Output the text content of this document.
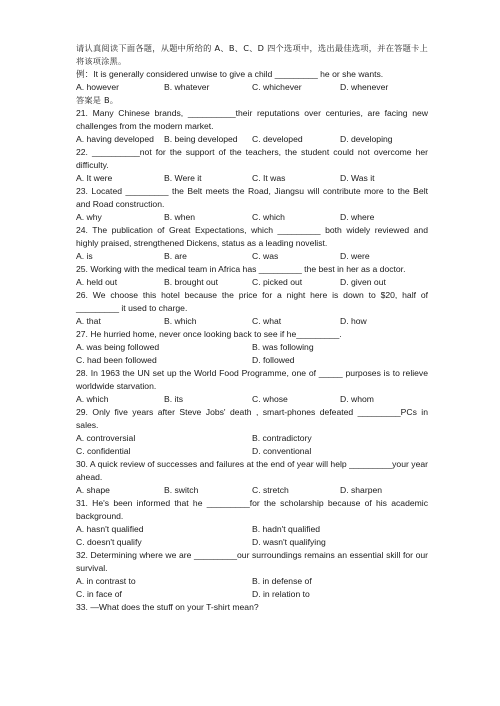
请认真阅读下面各题，从题中所给的 A、B、C、D 四个选项中，选出最佳选项，并在答题卡上将该项涂黑。

例：It is generally considered unwise to give a child _________ he or she wants.

A. however	B. whatever	C. whichever	D. whenever

答案是 B。

21. Many Chinese brands, __________their reputations over centuries, are facing new challenges from the modern market.

A. having developed	B. being developed	C. developed	D. developing

22. __________not for the support of the teachers, the student could not overcome her difficulty.

A. It were	B. Were it	C. It was	D. Was it

23. Located _________ the Belt meets the Road, Jiangsu will contribute more to the Belt and Road construction.

A. why	B. when	C. which	D. where

24. The publication of Great Expectations, which _________ both widely reviewed and highly praised, strengthened Dickens, status as a leading novelist.

A. is	B. are	C. was	D. were

25. Working with the medical team in Africa has _________ the best in her as a doctor.

A. held out	B. brought out	C. picked out	D. given out

26. We choose this hotel because the price for a night here is down to $20, half of _________ it used to charge.

A. that	B. which	C. what	D. how

27. He hurried home, never once looking back to see if he_________.

A. was being followed	B. was following
C. had been followed	D. followed

28. In 1963 the UN set up the World Food Programme, one of _____ purposes is to relieve worldwide starvation.

A. which	B. its	C. whose	D. whom

29. Only five years after Steve Jobs' death , smart-phones defeated _________PCs in sales.

A. controversial	B. contradictory
C. confidential	D. conventional

30. A quick review of successes and failures at the end of year will help _________your year ahead.

A. shape	B. switch	C. stretch	D. sharpen

31. He's been informed that he _________for the scholarship because of his academic background.

A. hasn't qualified	B. hadn't qualified
C. doesn't qualify	D. wasn't qualifying

32. Determining where we are _________our surroundings remains an essential skill for our survival.

A. in contrast to	B. in defense of
C. in face of	D. in relation to

33. —What does the stuff on your T-shirt mean?
